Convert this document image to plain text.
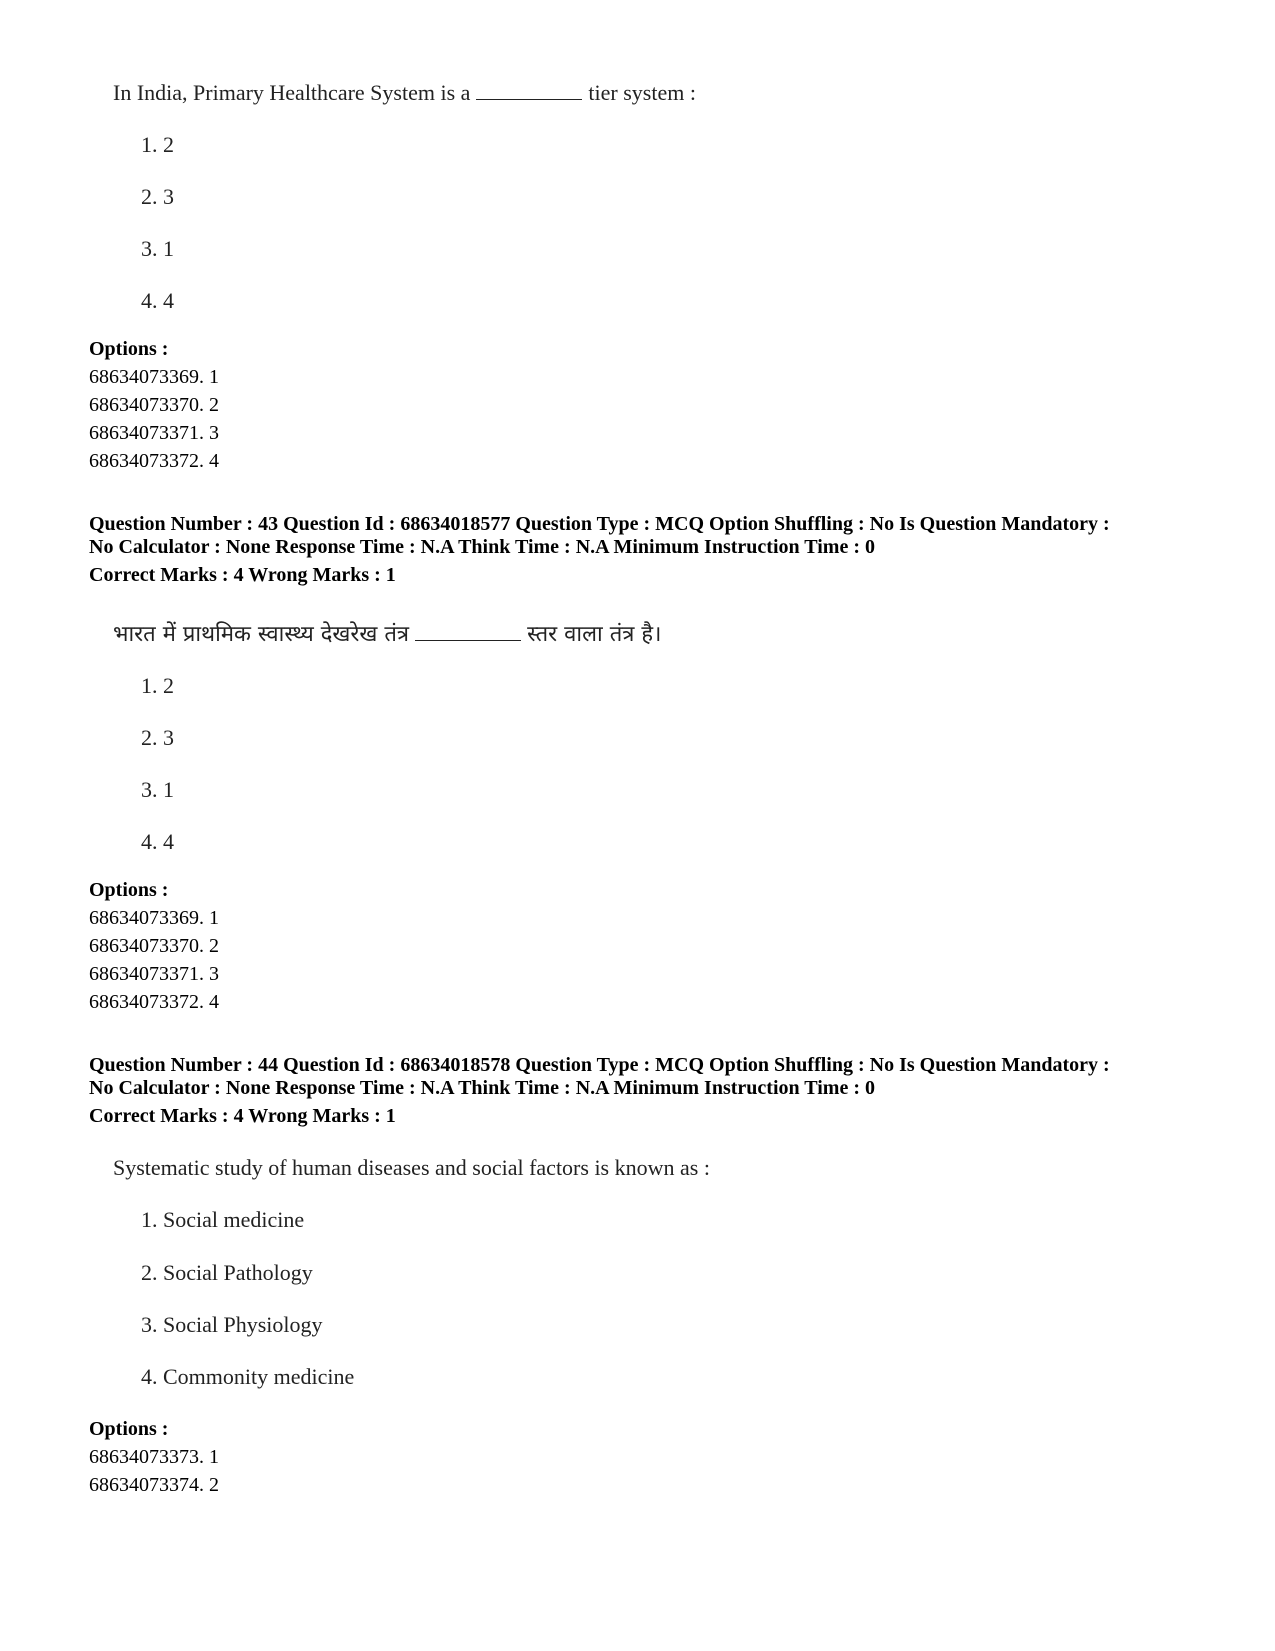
In India, Primary Healthcare System is a	tier system :
1. 2
2. 3
3. 1
4. 4
Options :
68634073369. 1
68634073370. 2
68634073371. 3
68634073372. 4
Question Number : 43 Question Id : 68634018577 Question Type : MCQ Option Shuffling : No Is Question Mandatory :
No Calculator : None Response Time : N.A Think Time : N.A Minimum Instruction Time : 0
Correct Marks : 4 Wrong Marks : 1
भारत में प्राथमिक स्वास्थ्य देखरेख तंत्र	स्तर वाला तंत्र है।
1. 2
2. 3
3. 1
4. 4
Options :
68634073369. 1
68634073370. 2
68634073371. 3
68634073372. 4
Question Number : 44 Question Id : 68634018578 Question Type : MCQ Option Shuffling : No Is Question Mandatory :
No Calculator : None Response Time : N.A Think Time : N.A Minimum Instruction Time : 0
Correct Marks : 4 Wrong Marks : 1
Systematic study of human diseases and social factors is known as :
1. Social medicine
2. Social Pathology
3. Social Physiology
4. Commonity medicine
Options :
68634073373. 1
68634073374. 2
